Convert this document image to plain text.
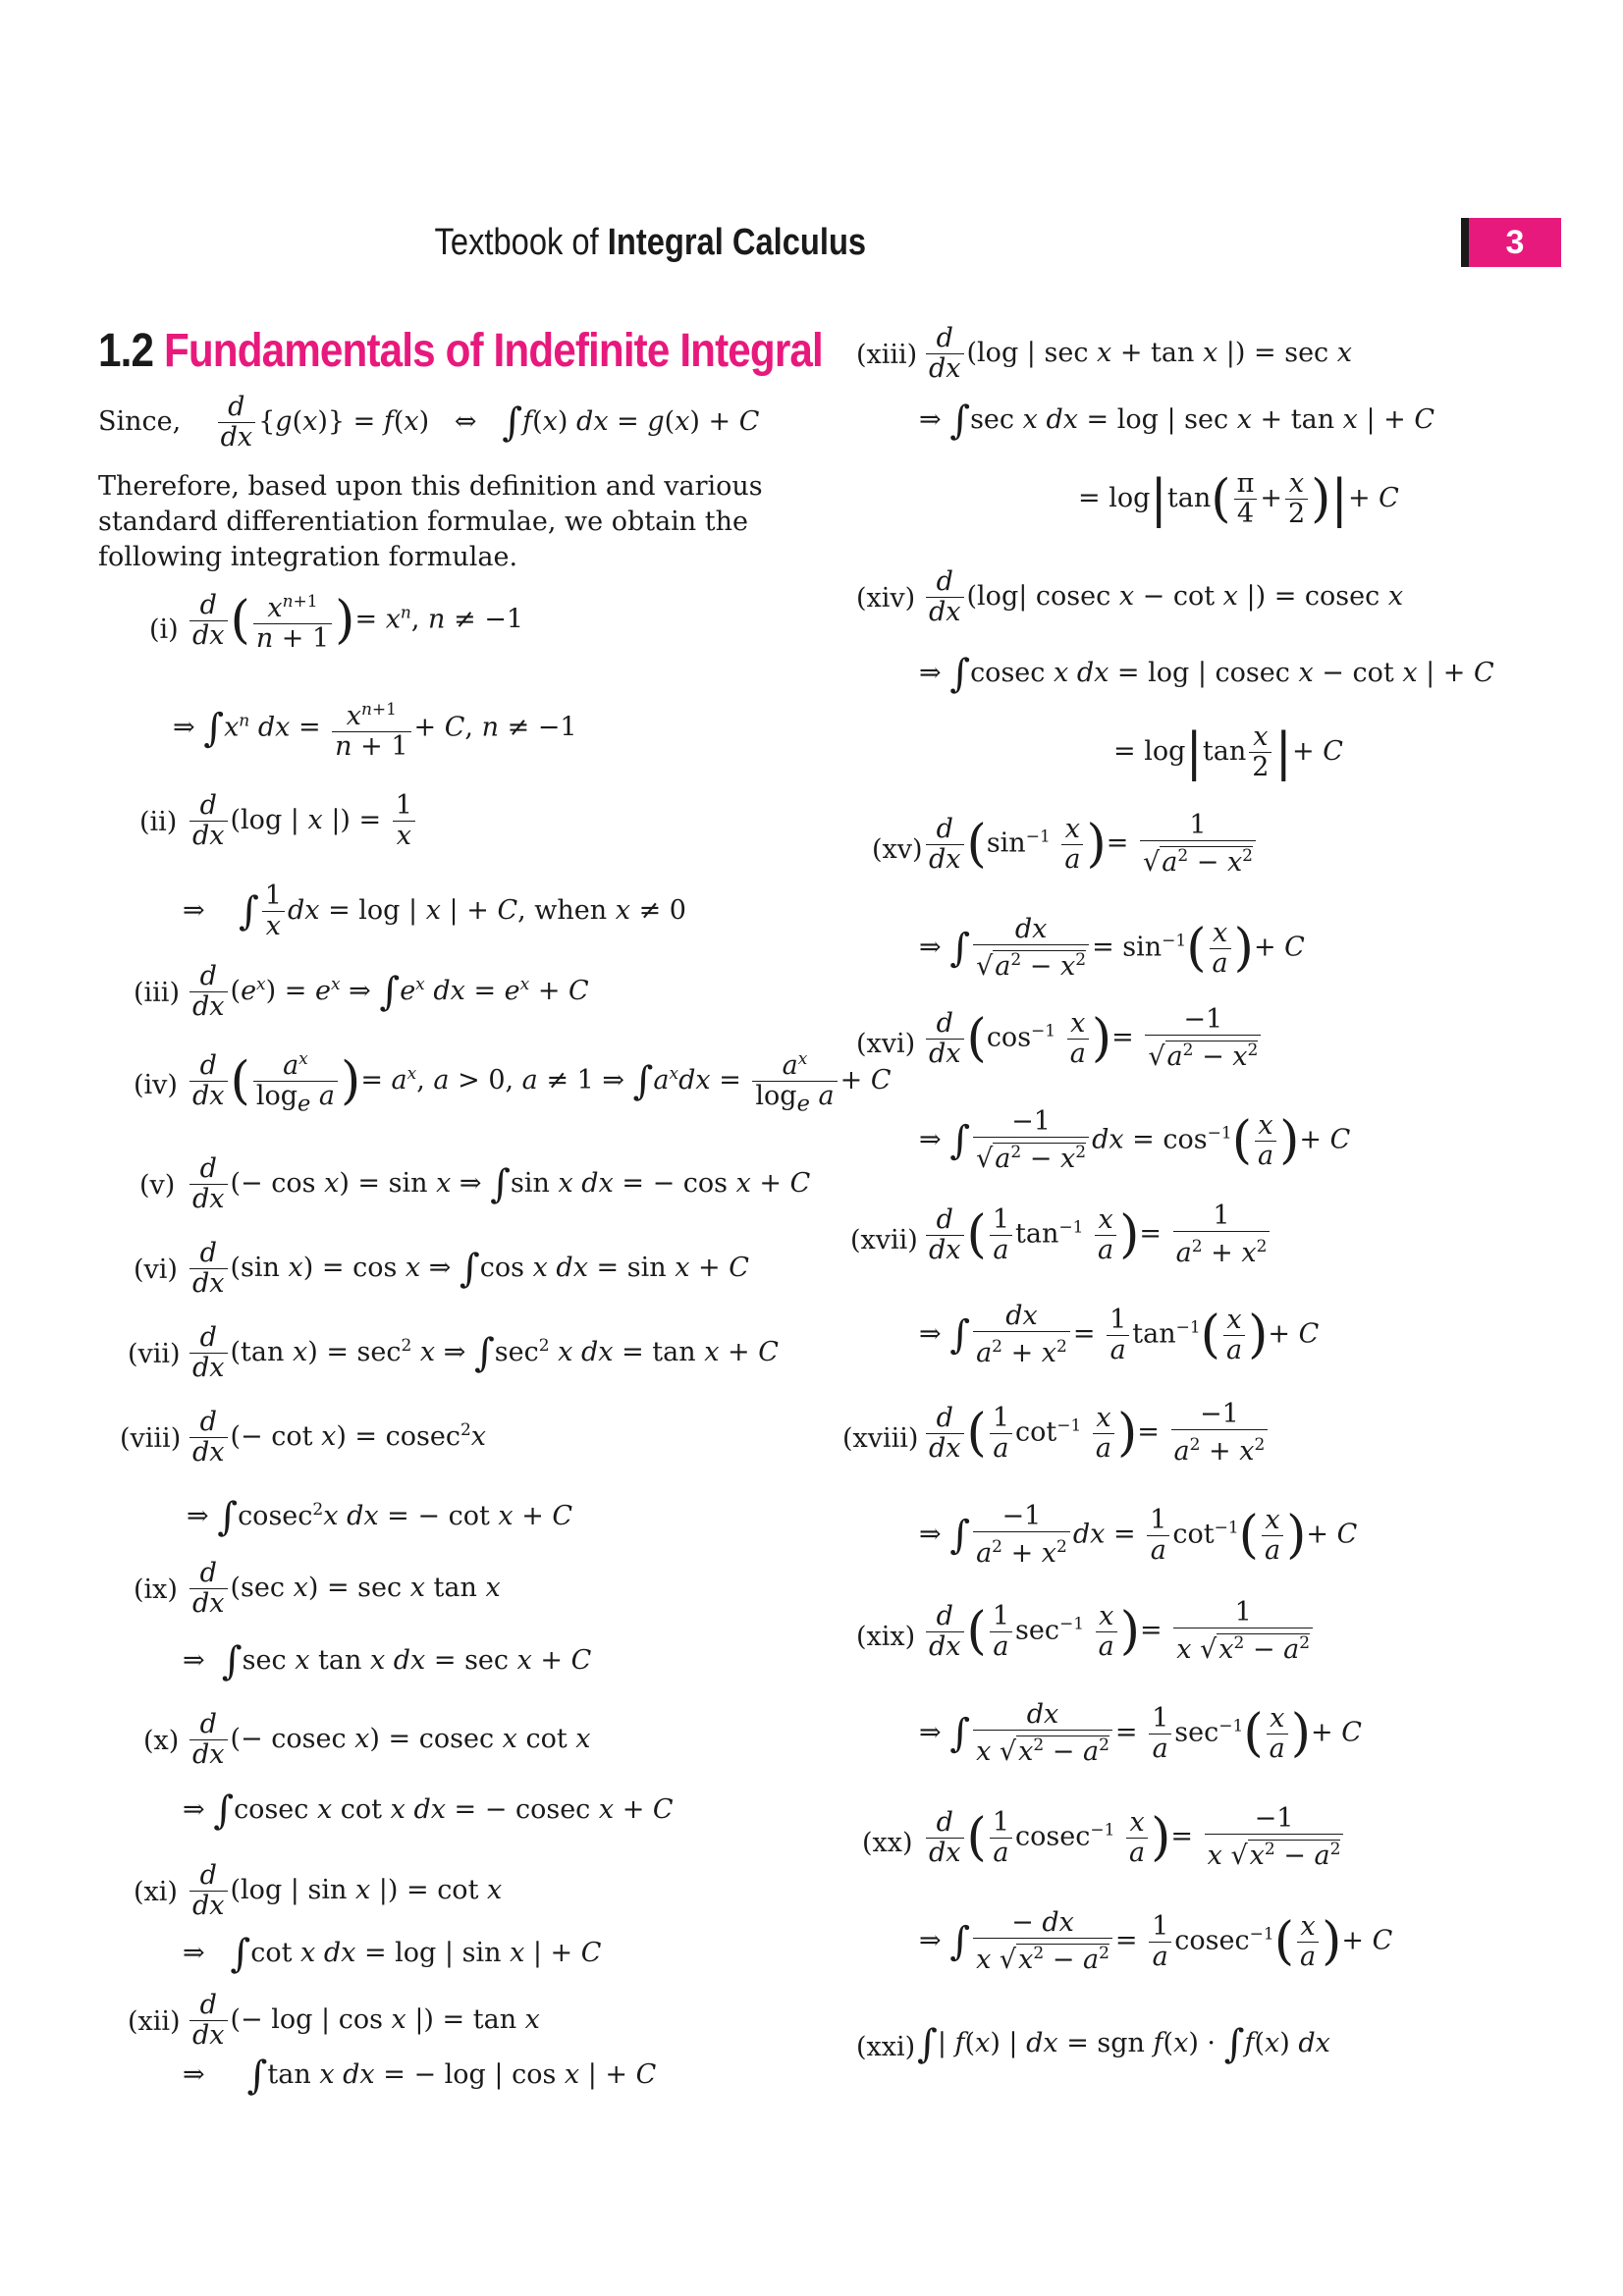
Textbook of Integral Calculus	3
1.2 Fundamentals of Indefinite Integral
Since, $\frac{d}{dx} \{g(x)\} = f(x)$   ⇔   ∫f(x) dx = g(x) + C
Therefore, based upon this definition and various standard differentiation formulae, we obtain the following integration formulae.
$(i) \frac{d}{dx}$ ( $\frac{x^{n+1}}{n + 1}$ )= $x^n$, n ≠ −1
⇒ $\int x^n$ dx = $\frac{x^{n+1}}{n + 1} + C$, n ≠ −1
$(ii) \frac{d}{dx} (\log$ | x |) = $\frac{1}{x}$
⇒    ∫ $\frac{1}{x}$ dx = log | x | + C, when x ≠ 0
$(iii) \frac{d}{dx} (e^x) = e^x$ ⇒ $\int e^x$ dx = $e^x + C$
$(iv) \frac{d}{dx}$ ( $\frac{a^x}{\log_e a}$ )= $a^x$, a > 0, a ≠ 1 ⇒ $\int a^xdx = \frac{a^x}{\log_e a} + C$
$(v) \frac{d}{dx}$ (− cos x) = sin x ⇒ ∫sin x dx = − cos x + C
$(vi) \frac{d}{dx} (\sin$ x) = cos x ⇒ ∫cos x dx = sin x + C
$(vii) \frac{d}{dx} (\tan$ $x) = \sec^2 x$ ⇒ $\int\sec^2$ x dx = tan x + C
(viii) $\frac{d}{dx}$ (− cot x) = cosec$^2$x
⇒ ∫cosec$^2$x dx = − cot x + C
$(ix) \frac{d}{dx} (\sec$ x) = sec x tan x
⇒  ∫sec x tan x dx = sec x + C
$(x) \frac{d}{dx}$ (− cosec x) = cosec x cot x
⇒ ∫cosec x cot x dx = − cosec x + C
$(xi) \frac{d}{dx} (\log$ | sin x |) = cot x
⇒   ∫cot x dx = log | sin x | + C
$(xii) \frac{d}{dx}$ (− log | cos x |) = tan x
⇒     ∫tan x dx = − log | cos x | + C
(xiii) $\frac{d}{dx} (\log$ | sec x + tan x |) = sec x
⇒ ∫sec x dx = log | sec x + tan x | + C
= $\log|\tan( \frac{\pi}{4} + \frac{x}{2}$ )|+ C
$(xiv) \frac{d}{dx} (\log|$ cosec x − cot x |) = cosec x
⇒ ∫cosec x dx = log | cosec x − cot x | + C
= $\log|\tan \frac{x}{2}$ |+ C
$(xv) \frac{d}{dx} (\sin^{-1} \frac{x}{a}$ )= $\frac{1}{√a^2 - x^2}$
⇒ ∫ $\frac{dx}{√a^2 - x^2} = \sin^{-1}( \frac{x}{a}$ )+ C
$(xvi) \frac{d}{dx} (\cos^{-1} \frac{x}{a}$ )= $\frac{-1}{√a^2 - x^2}$
⇒ ∫ $\frac{-1}{√a^2 - x^2}$ dx = $\cos^{-1}( \frac{x}{a}$ )+ C
(xvii) $\frac{d}{dx}$ ( $\frac{1}{a} \tan^{-1} \frac{x}{a}$ )= $\frac{1}{a^2 + x^2}$
⇒ ∫ $\frac{dx}{a^2 + x^2} = \frac{1}{a} \tan^{-1}( \frac{x}{a}$ )+ C
(xviii) $\frac{d}{dx}$ ( $\frac{1}{a} \cot^{-1} \frac{x}{a}$ )= $\frac{-1}{a^2 + x^2}$
⇒ ∫ $\frac{-1}{a^2 + x^2}$ dx = $\frac{1}{a} \cot^{-1}( \frac{x}{a}$ )+ C
$(xix) \frac{d}{dx}$ ( $\frac{1}{a} \sec^{-1} \frac{x}{a}$ )= $\frac{1}{x √x^2 - a^2}$
⇒ ∫ $\frac{dx}{x √x^2 - a^2} = \frac{1}{a} \sec^{-1}( \frac{x}{a}$ )+ C
$(xx) \frac{d}{dx}$ ( $\frac{1}{a} cosec^{-1} \frac{x}{a}$ )= $\frac{-1}{x √x^2 - a^2}$
⇒ ∫ $\frac{- dx}{x √x^2 - a^2} = \frac{1}{a} cosec^{-1}( \frac{x}{a}$ )+ C
(xxi) ∫| f(x) | dx = sgn f(x) · ∫f(x) dx
